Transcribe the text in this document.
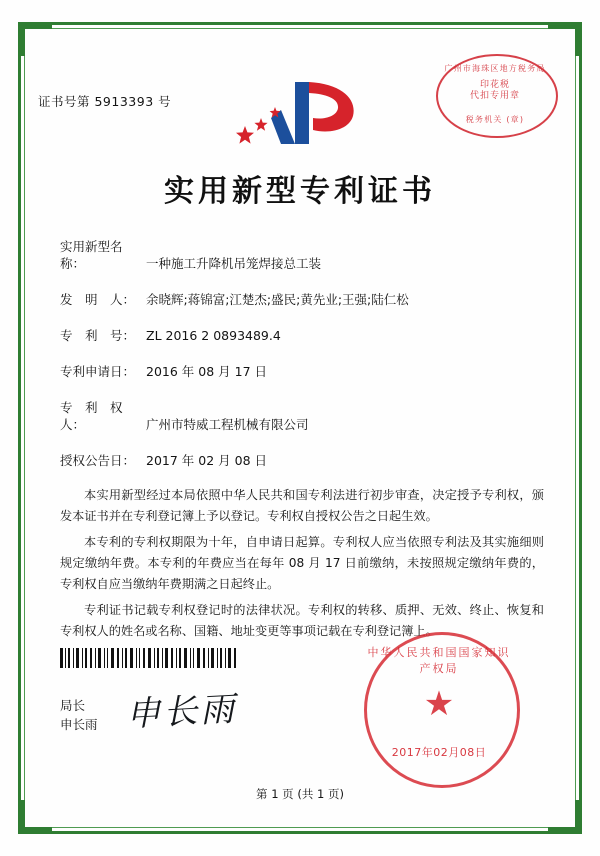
证书号第 5913393 号
广州市海珠区地方税务局
印花税
代扣专用章
税务机关 (章)
实用新型专利证书
实用新型名称：	一种施工升降机吊笼焊接总工装
发　明　人： 余晓辉;蒋锦富;江楚杰;盛民;黄先业;王强;陆仁松
专　利　号： ZL 2016 2 0893489.4
专利申请日： 2016 年 08 月 17 日
专　利　权　人：	广州市特威工程机械有限公司
授权公告日： 2017 年 02 月 08 日
本实用新型经过本局依照中华人民共和国专利法进行初步审查，决定授予专利权，颁发本证书并在专利登记簿上予以登记。专利权自授权公告之日起生效。
本专利的专利权期限为十年，自申请日起算。专利权人应当依照专利法及其实施细则规定缴纳年费。本专利的年费应当在每年 08 月 17 日前缴纳，未按照规定缴纳年费的，专利权自应当缴纳年费期满之日起终止。
专利证书记载专利权登记时的法律状况。专利权的转移、质押、无效、终止、恢复和专利权人的姓名或名称、国籍、地址变更等事项记载在专利登记簿上。
局长
申长雨 申长雨
中华人民共和国国家知识产权局
★
2017年02月08日
第 1 页 (共 1 页)
